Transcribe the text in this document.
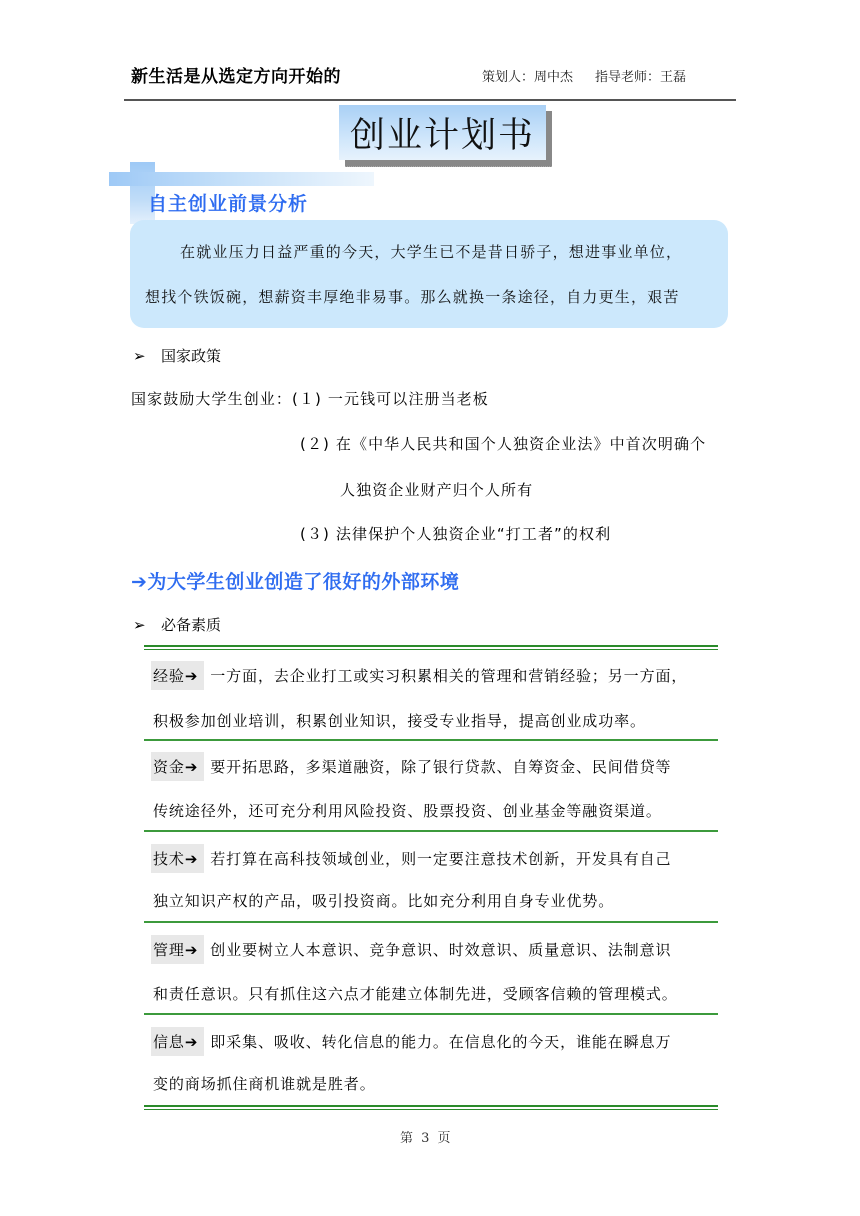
新生活是从选定方向开始的	策划人：周中杰 指导老师：王磊
创业计划书
自主创业前景分析
在就业压力日益严重的今天，大学生已不是昔日骄子，想进事业单位，
想找个铁饭碗，想薪资丰厚绝非易事。那么就换一条途径，自力更生，艰苦
➢ 国家政策
国家鼓励大学生创业：(１) 一元钱可以注册当老板
(２) 在《中华人民共和国个人独资企业法》中首次明确个
人独资企业财产归个人所有
(３) 法律保护个人独资企业“打工者”的权利
➔为大学生创业创造了很好的外部环境
➢ 必备素质
经验➔ 一方面，去企业打工或实习积累相关的管理和营销经验；另一方面，
积极参加创业培训，积累创业知识，接受专业指导，提高创业成功率。
资金➔ 要开拓思路，多渠道融资，除了银行贷款、自筹资金、民间借贷等
传统途径外，还可充分利用风险投资、股票投资、创业基金等融资渠道。
技术➔ 若打算在高科技领域创业，则一定要注意技术创新，开发具有自己
独立知识产权的产品，吸引投资商。比如充分利用自身专业优势。
管理➔ 创业要树立人本意识、竞争意识、时效意识、质量意识、法制意识
和责任意识。只有抓住这六点才能建立体制先进，受顾客信赖的管理模式。
信息➔ 即采集、吸收、转化信息的能力。在信息化的今天，谁能在瞬息万
变的商场抓住商机谁就是胜者。
第 3 页
